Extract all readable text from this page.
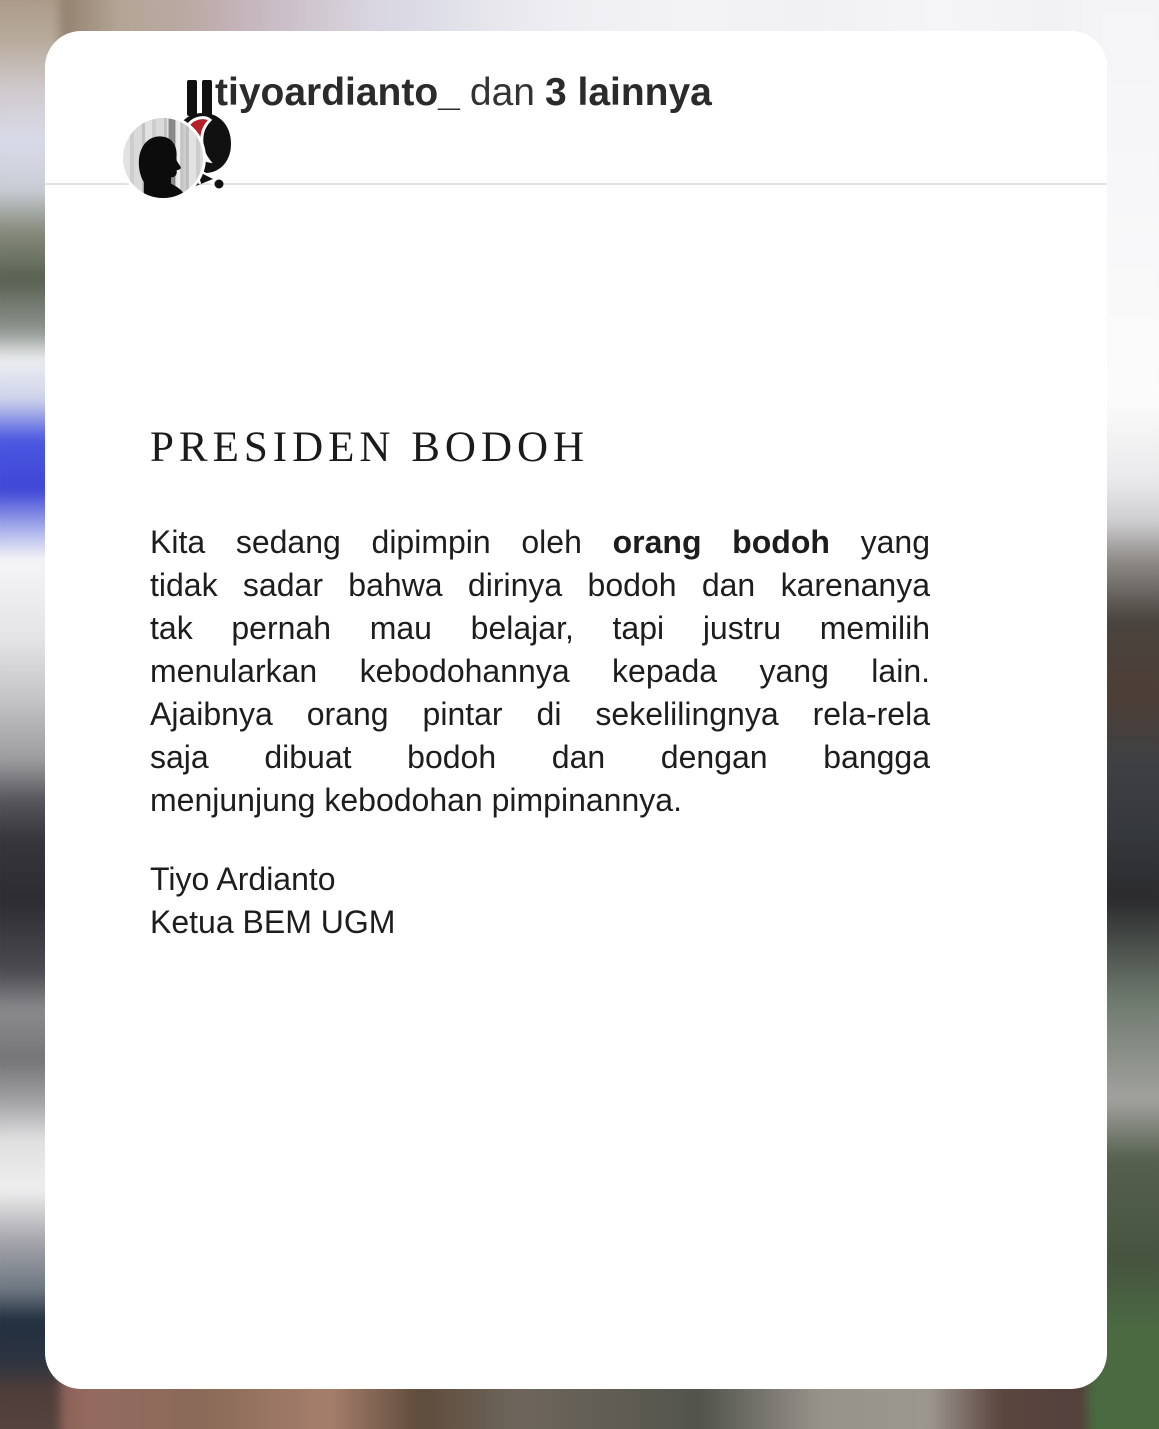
tiyoardianto_ dan 3 lainnya
PRESIDEN BODOH
Kita sedang dipimpin oleh orang bodoh yang
tidak sadar bahwa dirinya bodoh dan karenanya
tak pernah mau belajar, tapi justru memilih
menularkan kebodohannya kepada yang lain.
Ajaibnya orang pintar di sekelilingnya rela-rela
saja dibuat bodoh dan dengan bangga
menjunjung kebodohan pimpinannya.
Tiyo Ardianto
Ketua BEM UGM
